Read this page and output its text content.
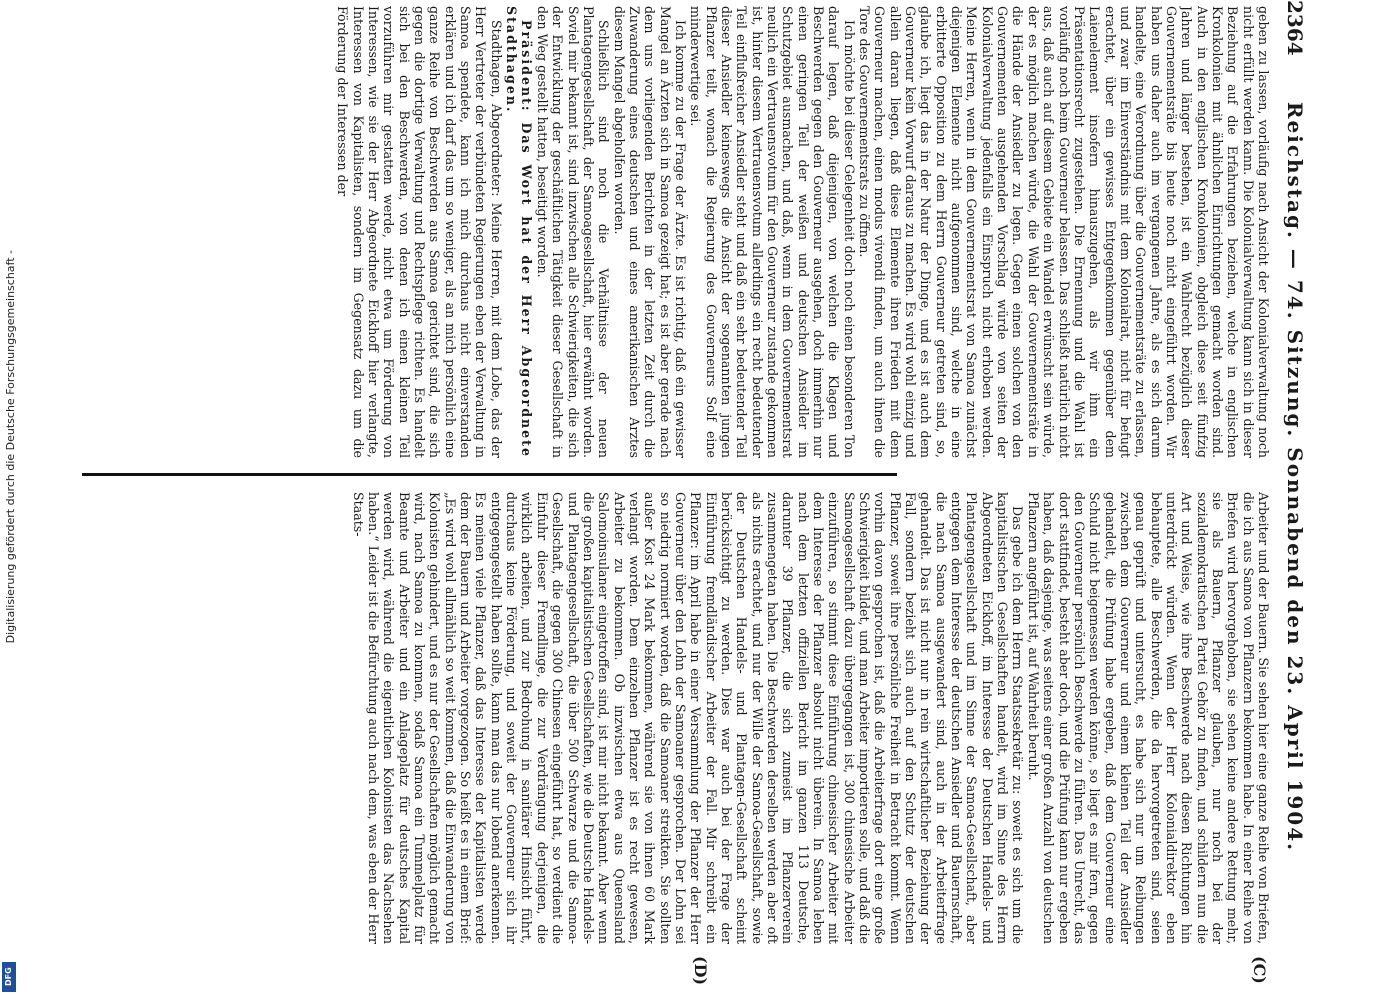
2364
Reichstag. — 74. Sitzung. Sonnabend den 23. April 1904.
(C)
(D)

geben zu lassen, vorläufig nach Ansicht der Kolonialverwaltung noch nicht erfüllt werden kann. Die Kolonialverwaltung kann sich in dieser Beziehung auf die Erfahrungen beziehen, welche in englischen Kronkolonien mit ähnlichen Einrichtungen gemacht worden sind. Auch in den englischen Kronkolonien, obgleich diese seit fünfzig Jahren und länger bestehen, ist ein Wahlrecht bezüglich dieser Gouvernementsräte bis heute noch nicht eingeführt worden. Wir haben uns daher auch im vergangenen Jahre, als es sich darum handelte, eine Verordnung über die Gouvernementsräte zu erlassen, und zwar im Einverständnis mit dem Kolonialrat, nicht für befugt erachtet, über ein gewisses Entgegenkommen gegenüber dem Laienelement insofern hinauszugehen, als wir ihm ein Präsentationsrecht zugestehen. Die Ernennung und die Wahl ist vorläufig noch beim Gouverneur belassen. Das schließt natürlich nicht aus, daß auch auf diesem Gebiete ein Wandel erwünscht sein würde, der es möglich machen würde, die Wahl der Gouvernementsräte in die Hände der Ansiedler zu legen. Gegen einen solchen von den Gouvernementen ausgehenden Vorschlag würde von seiten der Kolonialverwaltung jedenfalls ein Einspruch nicht erhoben werden. Meine Herren, wenn in dem Gouvernementsrat von Samoa zunächst diejenigen Elemente nicht aufgenommen sind, welche in eine erbitterte Opposition zu dem Herrn Gouverneur getreten sind, so, glaube ich, liegt das in der Natur der Dinge, und es ist auch dem Gouverneur kein Vorwurf daraus zu machen. Es wird wohl einzig und allein daran liegen, daß diese Elemente ihren Frieden mit dem Gouverneur machen, einen modus vivendi finden, um auch ihnen die Tore des Gouvernementsrats zu öffnen.

Ich möchte bei dieser Gelegenheit doch noch einen besonderen Ton darauf legen, daß diejenigen, von welchen die Klagen und Beschwerden gegen den Gouverneur ausgehen, doch immerhin nur einen geringen Teil der weißen und deutschen Ansiedler im Schutzgebiet ausmachen, und daß, wenn in dem Gouvernementsrat neulich ein Vertrauensvotum für den Gouverneur zustande gekommen ist, hinter diesem Vertrauensvotum allerdings ein recht bedeutender Teil einflußreicher Ansiedler steht und daß ein sehr bedeutender Teil dieser Ansiedler keineswegs die Ansicht der sogenannten jungen Pflanzer teilt, wonach die Regierung des Gouverneurs Solf eine minderwertige sei.

Ich komme zu der Frage der Ärzte. Es ist richtig, daß ein gewisser Mangel an Ärzten sich in Samoa gezeigt hat; es ist aber gerade nach dem uns vorliegenden Berichten in der letzten Zeit durch die Zuwanderung eines deutschen und eines amerikanischen Arztes diesem Mangel abgeholfen worden.

Schließlich sind noch die Verhältnisse der neuen Plantagengesellschaft, der Samoagesellschaft, hier erwähnt worden. Soviel mir bekannt ist, sind inzwischen alle Schwierigkeiten, die sich der Entwicklung der geschäftlichen Tätigkeit dieser Gesellschaft in den Weg gestellt hatten, beseitigt worden.

Präsident: Das Wort hat der Herr Abgeordnete Stadthagen.

Stadthagen, Abgeordneter: Meine Herren, mit dem Lobe, das der Herr Vertreter der verbündeten Regierungen eben der Verwaltung in Samoa spendete, kann ich mich durchaus nicht einverstanden erklären und ich darf das um so weniger, als an mich persönlich eine ganze Reihe von Beschwerden aus Samoa gerichtet sind, die sich gegen die dortige Verwaltung und Rechtspflege richten. Es handelt sich bei den Beschwerden, von denen ich einen kleinen Teil vorzuführen mir gestatten werde, nicht etwa um Förderung von Interessen, wie sie der Herr Abgeordnete Eickhoff hier verlangte, Interessen von Kapitalisten, sondern im Gegensatz dazu um die Förderung der Interessen der

Arbeiter und der Bauern. Sie sehen hier eine ganze Reihe von Briefen, die ich aus Samoa von Pflanzern bekommen habe. In einer Reihe von Briefen wird hervorgehoben, sie sehen keine andere Rettung mehr, sie als Bauern, Pflanzer glauben, nur noch bei der sozialdemokratischen Partei Gehör zu finden, und schildern nun die Art und Weise, wie ihre Beschwerde nach diesen Richtungen hin unterdrückt würden. Wenn der Herr Kolonialdirektor eben behauptete, alle Beschwerden, die da hervorgetreten sind, seien genau geprüft und untersucht, es habe sich nur um Reibungen zwischen dem Gouverneur und einem kleinen Teil der Ansiedler gehandelt, die Prüfung habe ergeben, daß dem Gouverneur eine Schuld nicht beigemessen werden könne, so liegt es mir fern, gegen den Gouverneur persönlich Beschwerde zu führen. Das Unrecht, das dort stattfindet, besteht aber doch, und die Prüfung kann nur ergeben haben, daß dasjenige, was seitens einer großen Anzahl von deutschen Pflanzern angeführt ist, auf Wahrheit beruht.

Das gebe ich dem Herrn Staatssekretär zu: soweit es sich um die kapitalistischen Gesellschaften handelt, wird im Sinne des Herrn Abgeordneten Eickhoff, im Interesse der Deutschen Handels- und Plantagengesellschaft und im Sinne der Samoa-Gesellschaft, aber entgegen dem Interesse der deutschen Ansiedler und Bauernschaft, die nach Samoa ausgewandert sind, auch in der Arbeiterfrage gehandelt. Das ist nicht nur in rein wirtschaftlicher Beziehung der Fall, sondern bezieht sich auch auf den Schutz der deutschen Pflanzer, soweit ihre persönliche Freiheit in Betracht kommt. Wenn vorhin davon gesprochen ist, daß die Arbeiterfrage dort eine große Schwierigkeit bildet, und man Arbeiter importieren solle, und daß die Samoagesellschaft dazu übergegangen ist, 300 chinesische Arbeiter einzuführen, so stimmt diese Einführung chinesischer Arbeiter mit dem Interesse der Pflanzer absolut nicht überein. In Samoa leben nach dem letzten offiziellen Bericht im ganzen 113 Deutsche, darunter 39 Pflanzer, die sich zumeist im Pflanzerverein zusammengetan haben. Die Beschwerden derselben werden aber oft als nichts erachtet, und nur der Wille der Samoa-Gesellschaft, sowie der Deutschen Handels- und Plantagen-Gesellschaft scheint berücksichtigt zu werden. Dies war auch bei der Frage der Einführung fremdländischer Arbeiter der Fall. Mir schreibt ein Pflanzer: im April habe in einer Versammlung der Pflanzer der Herr Gouverneur über den Lohn der Samoaner gesprochen. Der Lohn sei so niedrig normiert worden, daß die Samoaner streikten. Sie sollten außer Kost 24 Mark bekommen, während sie von ihnen 60 Mark verlangt worden. Dem einzelnen Pflanzer ist es recht gewesen, Arbeiter zu bekommen. Ob inzwischen etwa aus Queensland Salomoinsulaner eingetroffen sind, ist mir nicht bekannt. Aber wenn die großen kapitalistischen Gesellschaften, wie die Deutsche Handels- und Plantagengesellschaft, die über 500 Schwarze und die Samoa-Gesellschaft, die gegen 300 Chinesen eingeführt hat, so verdient die Einfuhr dieser Fremdlinge, die zur Verdrängung derjenigen, die wirklich arbeiten, und zur Bedrohung in sanitärer Hinsicht führt, durchaus keine Förderung, und soweit der Gouverneur sich ihr entgegengestellt haben sollte, kann man das nur lobend anerkennen. Es meinen viele Pflanzer, daß das Interesse der Kapitalisten werde dem der Bauern und Arbeiter vorgezogen. So heißt es in einem Brief: „Es wird wohl allmählich so weit kommen, daß die Einwanderung von Kolonisten gehindert, und es nur der Gesellschaften möglich gemacht wird, nach Samoa zu kommen, sodaß Samoa ein Tummelplatz für Beamte und Arbeiter und ein Anlageplatz für deutsches Kapital werden wird, während die eigentlichen Kolonisten das Nachsehen haben.“ Leider ist die Befürchtung auch nach dem, was eben der Herr Staats-

Digitalisierung gefördert durch die Deutsche Forschungsgemeinschaft -
DFG
